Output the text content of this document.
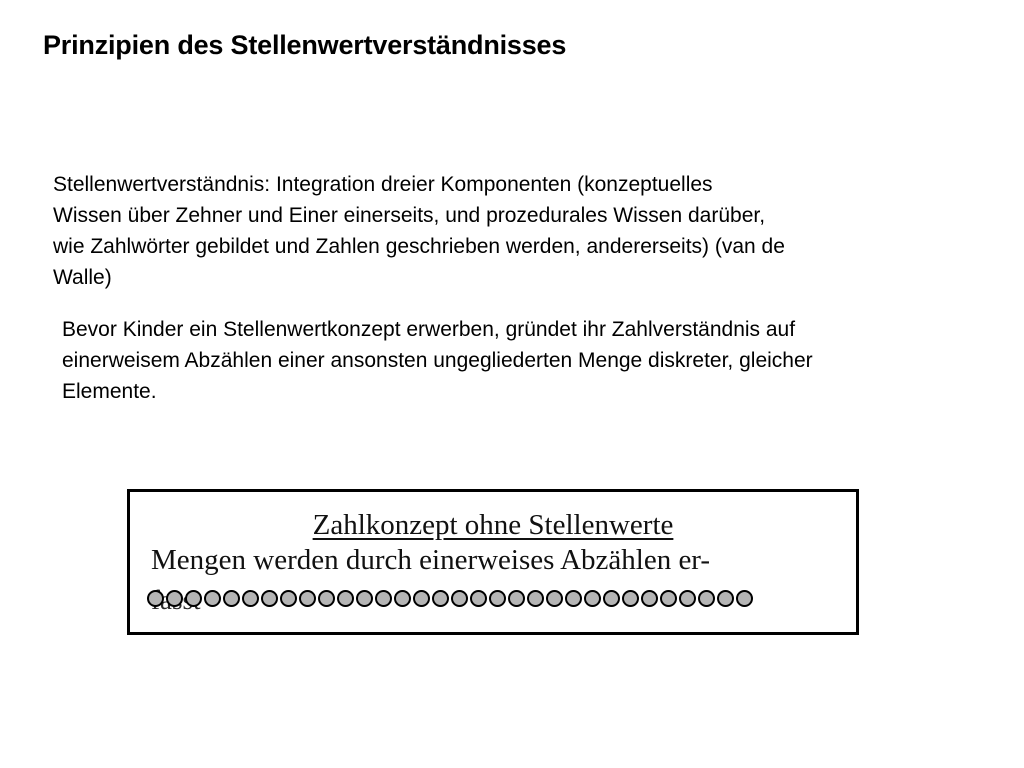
Prinzipien des Stellenwertverständnisses

Stellenwertverständnis: Integration dreier Komponenten (konzeptuelles
Wissen über Zehner und Einer einerseits, und prozedurales Wissen darüber,
wie Zahlwörter gebildet und Zahlen geschrieben werden, andererseits) (van de
Walle)

Bevor Kinder ein Stellenwertkonzept erwerben, gründet ihr Zahlverständnis auf
einerweisem Abzählen einer ansonsten ungegliederten Menge diskreter, gleicher
Elemente.

Zahlkonzept ohne Stellenwerte
Mengen werden durch einerweises Abzählen er-
